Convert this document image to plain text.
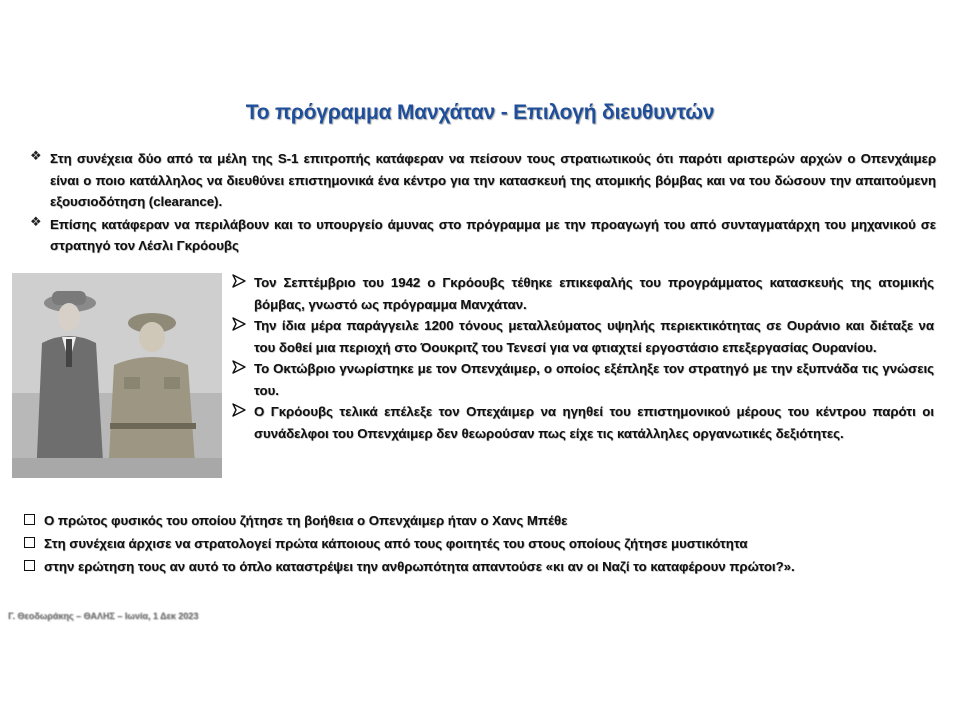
Το πρόγραμμα Μανχάταν - Επιλογή διευθυντών
❖ Στη συνέχεια δύο από τα μέλη της S-1 επιτροπής κατάφεραν να πείσουν τους στρατιωτικούς ότι παρότι αριστερών αρχών ο Οπενχάιμερ είναι ο ποιο κατάλληλος να διευθύνει επιστημονικά ένα κέντρο για την κατασκευή της ατομικής βόμβας και να του δώσουν την απαιτούμενη εξουσιοδότηση (clearance).
❖ Επίσης κατάφεραν να περιλάβουν και το υπουργείο άμυνας στο πρόγραμμα με την προαγωγή του από συνταγματάρχη του μηχανικού σε στρατηγό τον Λέσλι Γκρόουβς
Τον Σεπτέμβριο του 1942 ο Γκρόουβς τέθηκε επικεφαλής του προγράμματος κατασκευής της ατομικής βόμβας, γνωστό ως πρόγραμμα Μανχάταν.
Την ίδια μέρα παράγγειλε 1200 τόνους μεταλλεύματος υψηλής περιεκτικότητας σε Ουράνιο και διέταξε να του δοθεί μια περιοχή στο Όουκριτζ του Τενεσί για να φτιαχτεί εργοστάσιο επεξεργασίας Ουρανίου.
Το Οκτώβριο γνωρίστηκε με τον Οπενχάιμερ, ο οποίος εξέπληξε τον στρατηγό με την εξυπνάδα τις γνώσεις του.
Ο Γκρόουβς τελικά επέλεξε τον Οπεχάιμερ να ηγηθεί του επιστημονικού μέρους του κέντρου παρότι οι συνάδελφοι του Οπενχάιμερ δεν θεωρούσαν πως είχε τις κατάλληλες οργανωτικές δεξιότητες.
Ο πρώτος φυσικός του οποίου ζήτησε τη βοήθεια ο Οπενχάιμερ ήταν ο Χανς Μπέθε
Στη συνέχεια άρχισε να στρατολογεί πρώτα κάποιους από τους φοιτητές του στους οποίους ζήτησε μυστικότητα
στην ερώτηση τους αν αυτό το όπλο καταστρέψει την ανθρωπότητα απαντούσε «κι αν οι Ναζί το καταφέρουν πρώτοι?».
Γ. Θεοδωράκης – ΘΑΛΗΣ – Ιωνία, 1 Δεκ 2023
